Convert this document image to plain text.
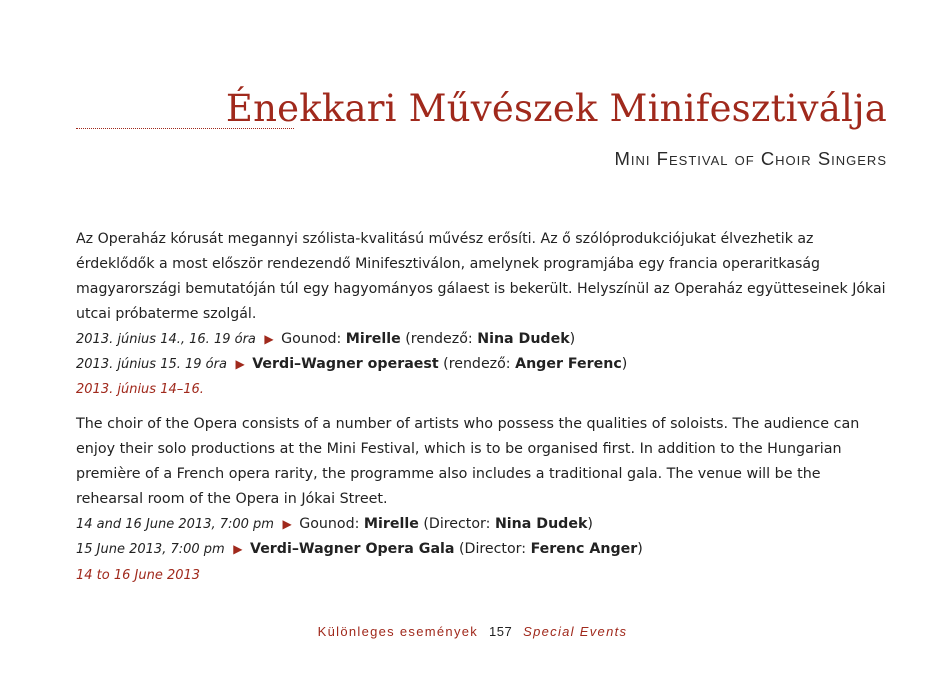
Énekkari Művészek Minifesztiválja
Mini Festival of Choir Singers

Az Operaház kórusát megannyi szólista-kvalitású művész erősíti. Az ő szólóprodukciójukat élvezhetik az érdeklődők a most először rendezendő Minifesztiválon, amelynek programjába egy francia operaritkaság magyarországi bemutatóján túl egy hagyományos gálaest is bekerült. Helyszínül az Operaház együtteseinek Jókai utcai próbaterme szolgál.

2013. június 14., 16. 19 óra ▶ Gounod: Mirelle (rendező: Nina Dudek)
2013. június 15. 19 óra ▶ Verdi–Wagner operaest (rendező: Anger Ferenc)
2013. június 14–16.

The choir of the Opera consists of a number of artists who possess the qualities of soloists. The audience can enjoy their solo productions at the Mini Festival, which is to be organised first. In addition to the Hungarian première of a French opera rarity, the programme also includes a traditional gala. The venue will be the rehearsal room of the Opera in Jókai Street.

14 and 16 June 2013, 7:00 pm ▶ Gounod: Mirelle (Director: Nina Dudek)
15 June 2013, 7:00 pm ▶ Verdi–Wagner Opera Gala (Director: Ferenc Anger)
14 to 16 June 2013
Különleges események 157 Special Events
